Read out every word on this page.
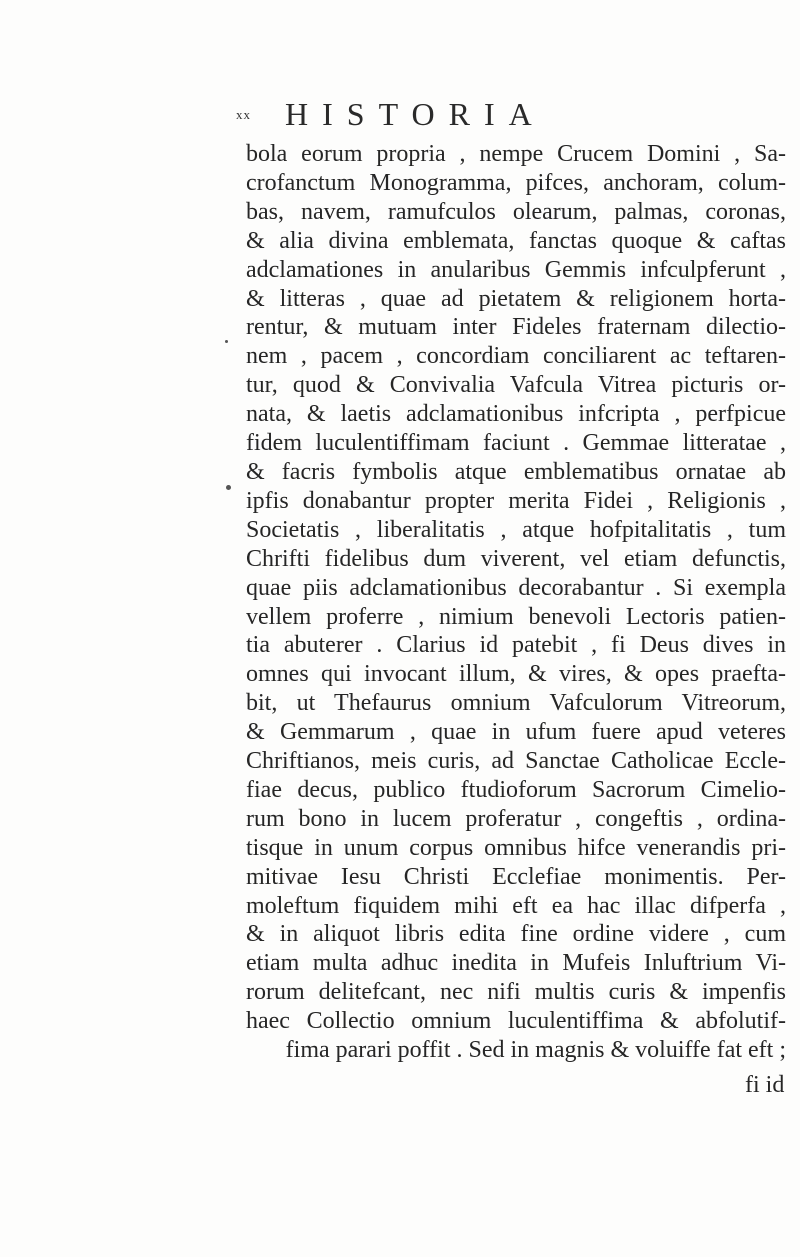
xx HISTORIA
bola eorum propria , nempe Crucem Domini , Sa-
crofanctum Monogramma, pifces, anchoram, colum-
bas, navem, ramufculos olearum, palmas, coronas,
& alia divina emblemata, fanctas quoque & caftas
adclamationes in anularibus Gemmis infculpferunt ,
& litteras , quae ad pietatem & religionem horta-
rentur, & mutuam inter Fideles fraternam dilectio-
nem , pacem , concordiam conciliarent ac teftaren-
tur, quod & Convivalia Vafcula Vitrea picturis or-
nata, & laetis adclamationibus infcripta , perfpicue
fidem luculentiffimam faciunt . Gemmae litteratae ,
& facris fymbolis atque emblematibus ornatae ab
ipfis donabantur propter merita Fidei , Religionis ,
Societatis , liberalitatis , atque hofpitalitatis , tum
Chrifti fidelibus dum viverent, vel etiam defunctis,
quae piis adclamationibus decorabantur . Si exempla
vellem proferre , nimium benevoli Lectoris patien-
tia abuterer . Clarius id patebit , fi Deus dives in
omnes qui invocant illum, & vires, & opes praefta-
bit, ut Thefaurus omnium Vafculorum Vitreorum,
& Gemmarum , quae in ufum fuere apud veteres
Chriftianos, meis curis, ad Sanctae Catholicae Eccle-
fiae decus, publico ftudioforum Sacrorum Cimelio-
rum bono in lucem proferatur , congeftis , ordina-
tisque in unum corpus omnibus hifce venerandis pri-
mitivae Iesu Christi Ecclefiae monimentis. Per-
moleftum fiquidem mihi eft ea hac illac difperfa ,
& in aliquot libris edita fine ordine videre , cum
etiam multa adhuc inedita in Mufeis Inluftrium Vi-
rorum delitefcant, nec nifi multis curis & impenfis
haec Collectio omnium luculentiffima & abfolutif-
fima parari poffit . Sed in magnis & voluiffe fat eft ;
fi id
